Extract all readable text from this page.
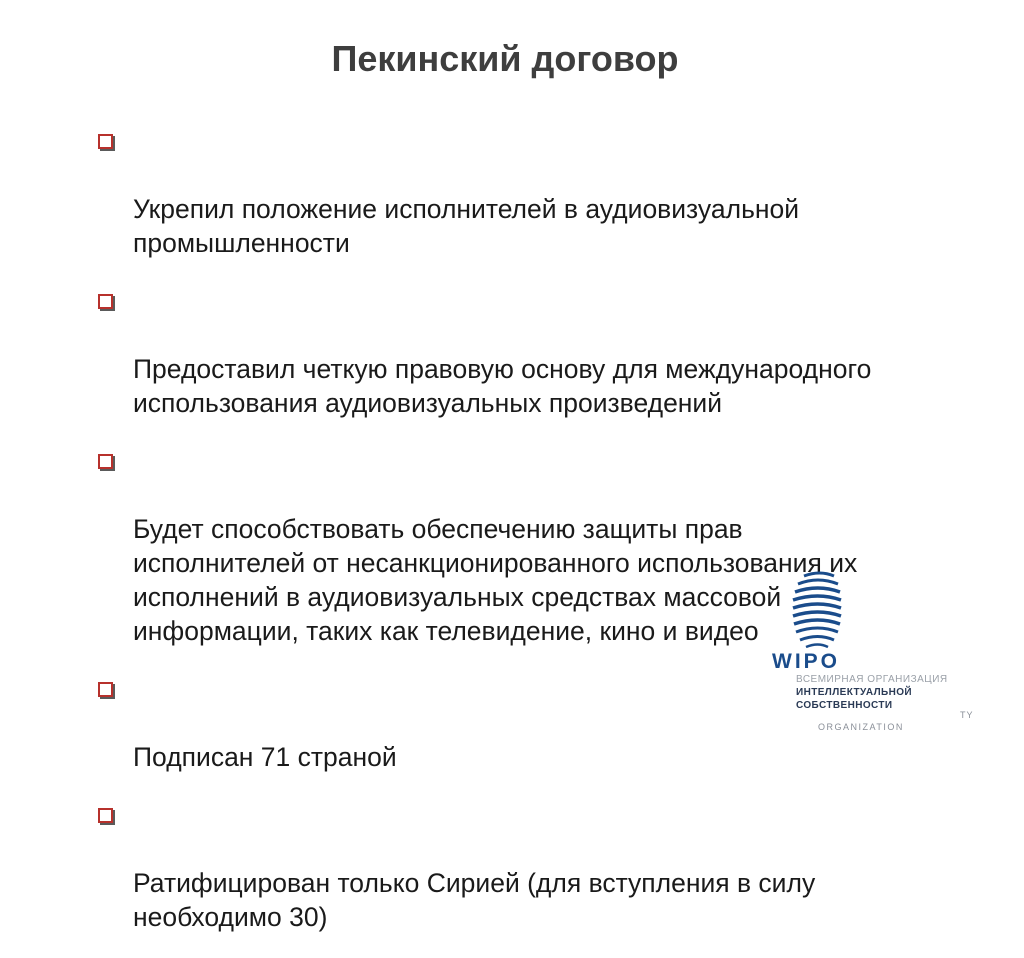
Пекинский договор

Укрепил положение исполнителей в аудиовизуальной
промышленности

Предоставил четкую правовую основу для международного
использования аудиовизуальных произведений

Будет способствовать обеспечению защиты прав
исполнителей от несанкционированного использования их
исполнений в аудиовизуальных средствах массовой
информации, таких как телевидение, кино и видео

Подписан 71 страной

Ратифицирован только Сирией (для вступления в силу
необходимо 30)

WIPO
ВСЕМИРНАЯ ОРГАНИЗАЦИЯ
ИНТЕЛЛЕКТУАЛЬНОЙ
СОБСТВЕННОСТИ
TY
ORGANIZATION
